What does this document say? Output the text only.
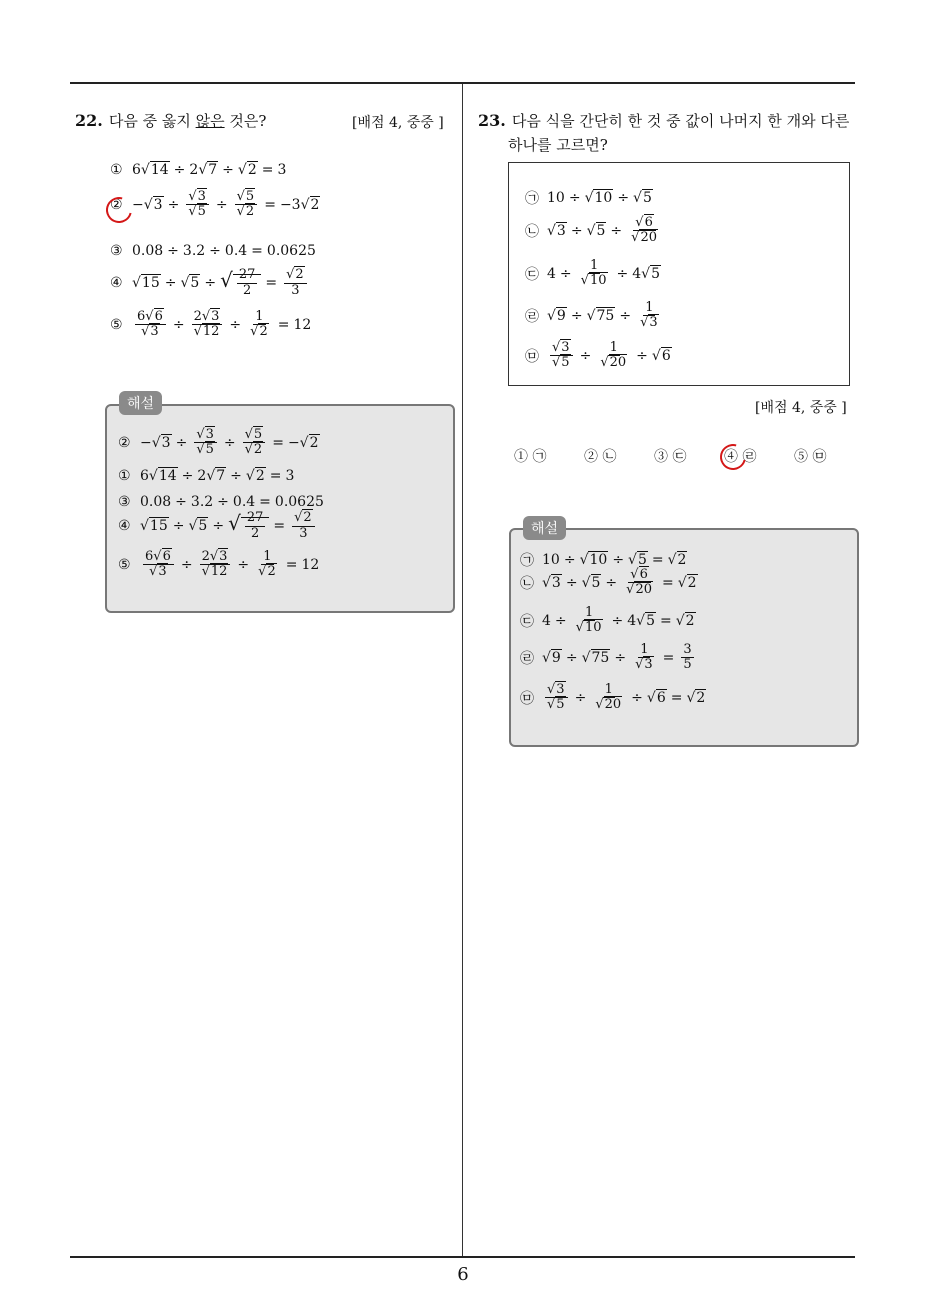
6
22. 다음 중 옳지 않은 것은?	[배점 4, 중중 ]
① 6√ 14 ÷ 2√ 7 ÷√ 2 = 3
② −√ $3 \div \frac{√3}{√5} \div \frac{√5}{√2} = -3√$ 2
③ 0.08 ÷ 3.2 ÷ 0.4 = 0.0625
④
√	15 ÷√ 5 ÷ √ $\frac{27}{2} = \frac{√2}{3}$
⑤ $\frac{6√6}{√3} \div \frac{2√3}{√12} \div \frac{1}{√2} = 12$
해설
② −√ $3 \div \frac{√3}{√5} \div \frac{√5}{√2}$ = −√ 2
① 6√ 14 ÷ 2√ 7 ÷√ 2 = 3
③ 0.08 ÷ 3.2 ÷ 0.4 = 0.0625
④
√	15 ÷√ 5 ÷ √ $\frac{27}{2} = \frac{√2}{3}$
⑤ $\frac{6√6}{√3} \div \frac{2√3}{√12} \div \frac{1}{√2} = 12$
23. 다음 식을 간단히 한 것 중 값이 나머지 한 개와 다른
하나를 고르면?
㉠ 10 ÷√ 10 ÷√ 5
㉡
√	3 ÷√ $5 \div \frac{√6}{√20}$
㉢ $4 \div \frac{1}{√10} \div 4√$ 5
㉣
√	9 ÷√ $75 \div \frac{1}{√3}$
㉤ $\frac{√3}{√5} \div \frac{1}{√20}$ ÷√ 6
[배점 4, 중중 ]
① ㉠	② ㉡	③ ㉢	④ ㉣	⑤ ㉤
해설
㉠ 10 ÷√ 10 ÷√ 5 =√ 2
㉡
√	3 ÷√ $5 \div \frac{√6}{√20}$ =√ 2
㉢ $4 \div \frac{1}{√10} \div 4√$ 5 =√ 2
㉣
√	9 ÷√ $75 \div \frac{1}{√3} = \frac{3}{5}$
㉤ $\frac{√3}{√5} \div \frac{1}{√20}$ ÷√ 6 =√ 2
